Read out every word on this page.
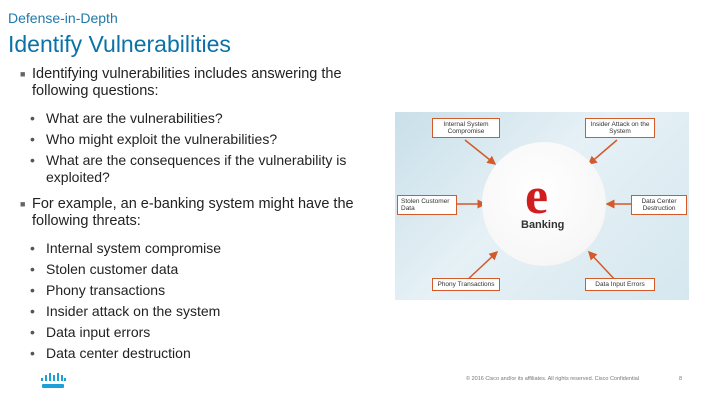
Defense-in-Depth
Identify Vulnerabilities
■ Identifying vulnerabilities includes answering the following questions:
• What are the vulnerabilities?
• Who might exploit the vulnerabilities?
• What are the consequences if the vulnerability is exploited?
■ For example, an e-banking system might have the following threats:
• Internal system compromise
• Stolen customer data
• Phony transactions
• Insider attack on the system
• Data input errors
• Data center destruction
e
Banking
Internal System Compromise
Insider Attack on the System
Stolen Customer Data
Data Center Destruction
Phony Transactions	Data Input Errors
© 2016 Cisco and/or its affiliates. All rights reserved. Cisco Confidential	8
